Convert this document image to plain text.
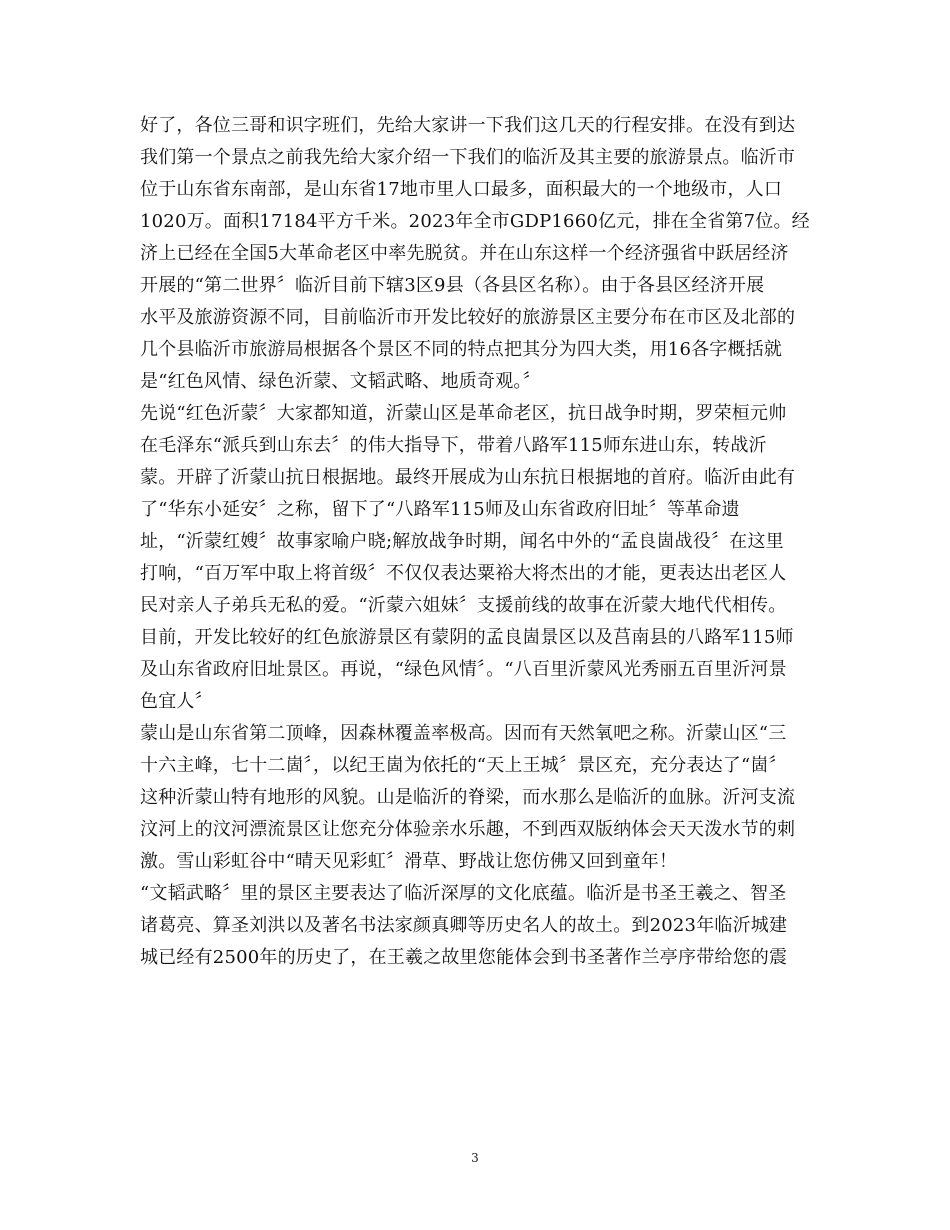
好了，各位三哥和识字班们，先给大家讲一下我们这几天的行程安排。在没有到达
我们第一个景点之前我先给大家介绍一下我们的临沂及其主要的旅游景点。临沂市
位于山东省东南部，是山东省17地市里人口最多，面积最大的一个地级市，人口
1020万。面积17184平方千米。2023年全市GDP1660亿元，排在全省第7位。经
济上已经在全国5大革命老区中率先脱贫。并在山东这样一个经济强省中跃居经济
开展的“第二世界〞临沂目前下辖3区9县（各县区名称）。由于各县区经济开展
水平及旅游资源不同，目前临沂市开发比较好的旅游景区主要分布在市区及北部的
几个县临沂市旅游局根据各个景区不同的特点把其分为四大类，用16各字概括就
是“红色风情、绿色沂蒙、文韬武略、地质奇观。〞
先说“红色沂蒙〞大家都知道，沂蒙山区是革命老区，抗日战争时期，罗荣桓元帅
在毛泽东“派兵到山东去〞的伟大指导下，带着八路军115师东进山东，转战沂
蒙。开辟了沂蒙山抗日根据地。最终开展成为山东抗日根据地的首府。临沂由此有
了“华东小延安〞之称，留下了“八路军115师及山东省政府旧址〞等革命遗
址，“沂蒙红嫂〞故事家喻户晓;解放战争时期，闻名中外的“孟良崮战役〞在这里
打响，“百万军中取上将首级〞不仅仅表达粟裕大将杰出的才能，更表达出老区人
民对亲人子弟兵无私的爱。“沂蒙六姐妹〞支援前线的故事在沂蒙大地代代相传。
目前，开发比较好的红色旅游景区有蒙阴的孟良崮景区以及莒南县的八路军115师
及山东省政府旧址景区。再说，“绿色风情〞。“八百里沂蒙风光秀丽五百里沂河景
色宜人〞
蒙山是山东省第二顶峰，因森林覆盖率极高。因而有天然氧吧之称。沂蒙山区“三
十六主峰，七十二崮〞，以纪王崮为依托的“天上王城〞景区充，充分表达了“崮〞
这种沂蒙山特有地形的风貌。山是临沂的脊梁，而水那么是临沂的血脉。沂河支流
汶河上的汶河漂流景区让您充分体验亲水乐趣，不到西双版纳体会天天泼水节的刺
激。雪山彩虹谷中“晴天见彩虹〞滑草、野战让您仿佛又回到童年！
“文韬武略〞里的景区主要表达了临沂深厚的文化底蕴。临沂是书圣王羲之、智圣
诸葛亮、算圣刘洪以及著名书法家颜真卿等历史名人的故土。到2023年临沂城建
城已经有2500年的历史了，在王羲之故里您能体会到书圣著作兰亭序带给您的震
3
